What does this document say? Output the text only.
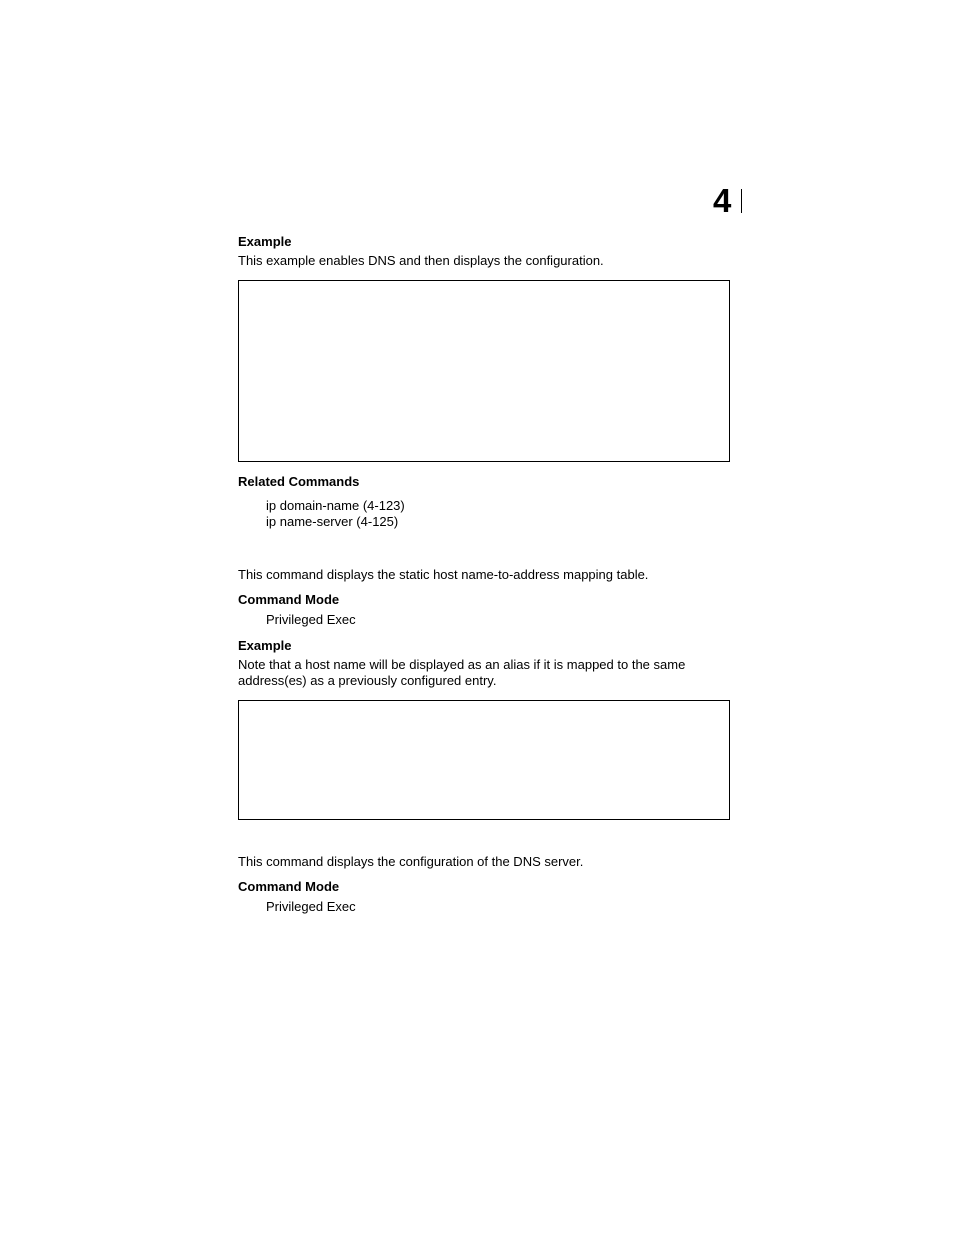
4
Example
This example enables DNS and then displays the configuration.
Related Commands
ip domain-name (4-123)
ip name-server (4-125)
This command displays the static host name-to-address mapping table.
Command Mode
Privileged Exec
Example
Note that a host name will be displayed as an alias if it is mapped to the same
address(es) as a previously configured entry.
This command displays the configuration of the DNS server.
Command Mode
Privileged Exec
